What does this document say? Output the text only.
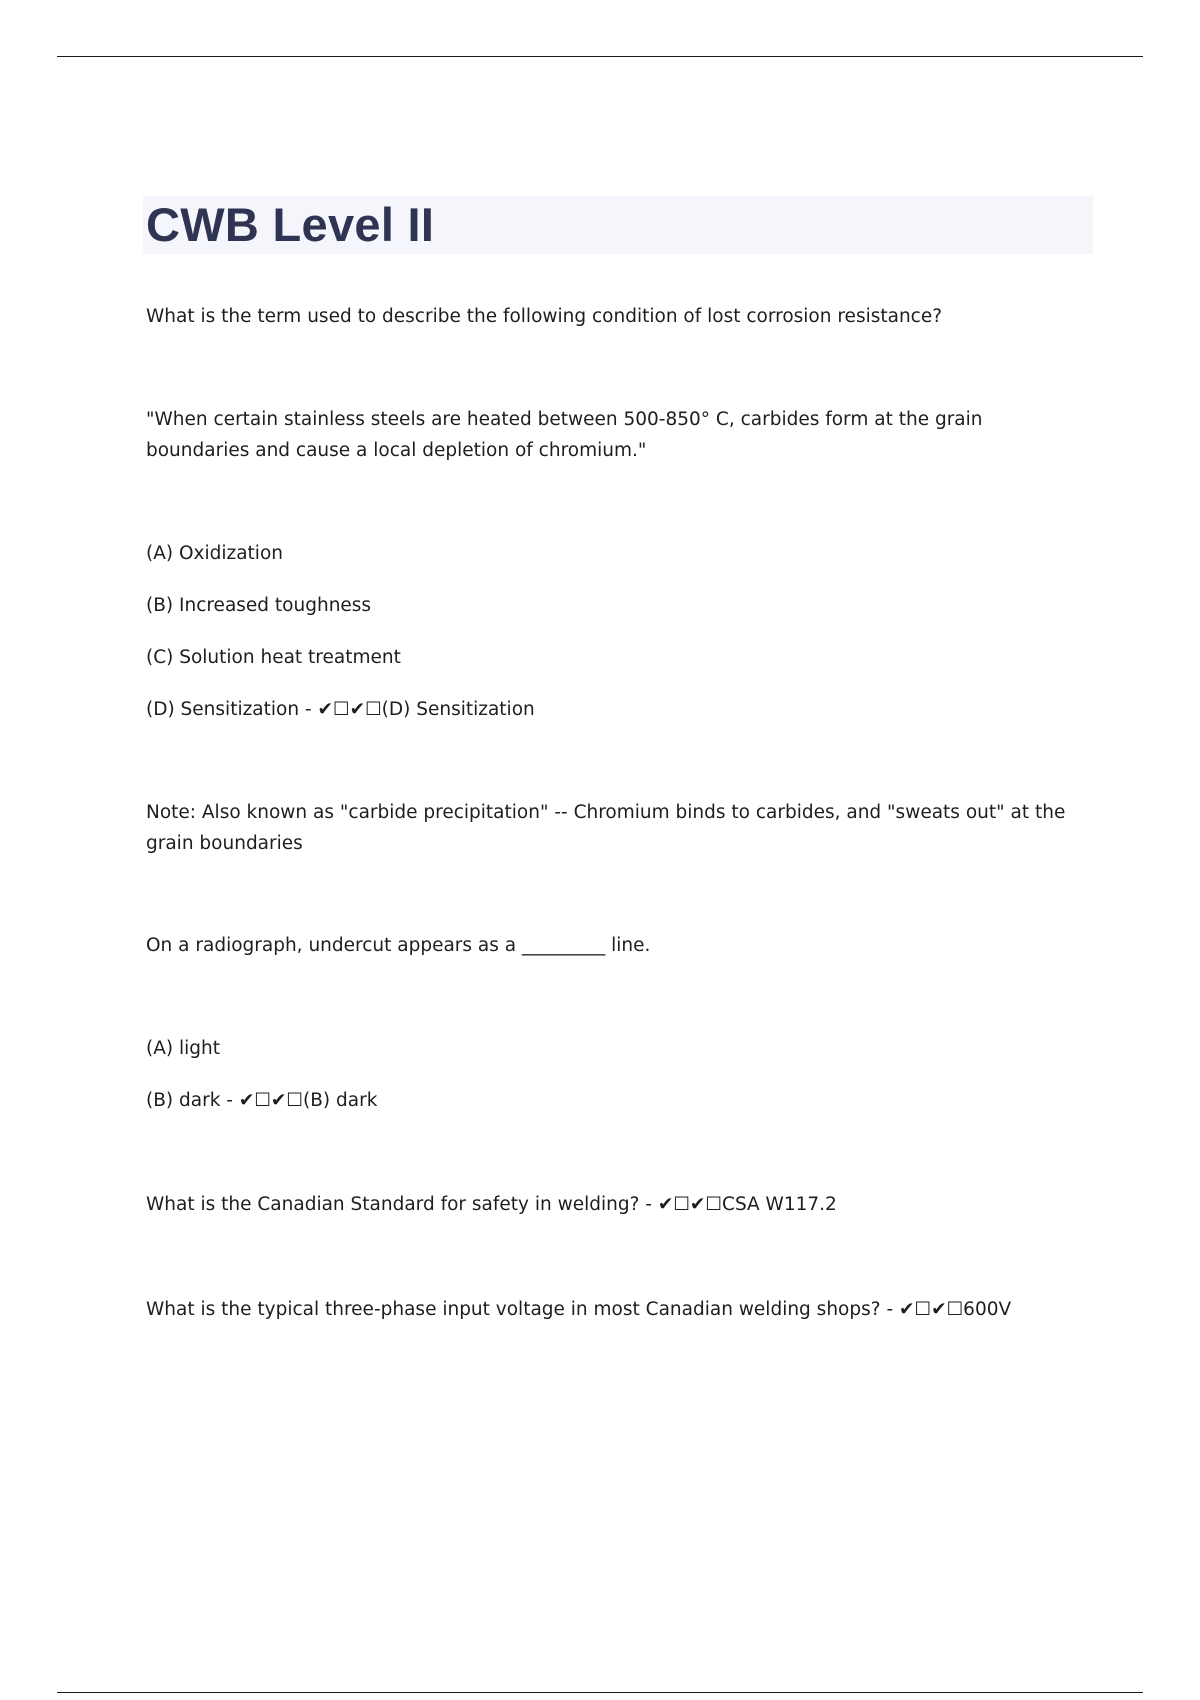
CWB Level II

What is the term used to describe the following condition of lost corrosion resistance?

"When certain stainless steels are heated between 500-850° C, carbides form at the grain boundaries and cause a local depletion of chromium."

(A) Oxidization

(B) Increased toughness

(C) Solution heat treatment

(D) Sensitization - ✔☐✔☐(D) Sensitization

Note: Also known as "carbide precipitation" -- Chromium binds to carbides, and "sweats out" at the grain boundaries

On a radiograph, undercut appears as a _________ line.

(A) light

(B) dark - ✔☐✔☐(B) dark

What is the Canadian Standard for safety in welding? - ✔☐✔☐CSA W117.2

What is the typical three-phase input voltage in most Canadian welding shops? - ✔☐✔☐600V
